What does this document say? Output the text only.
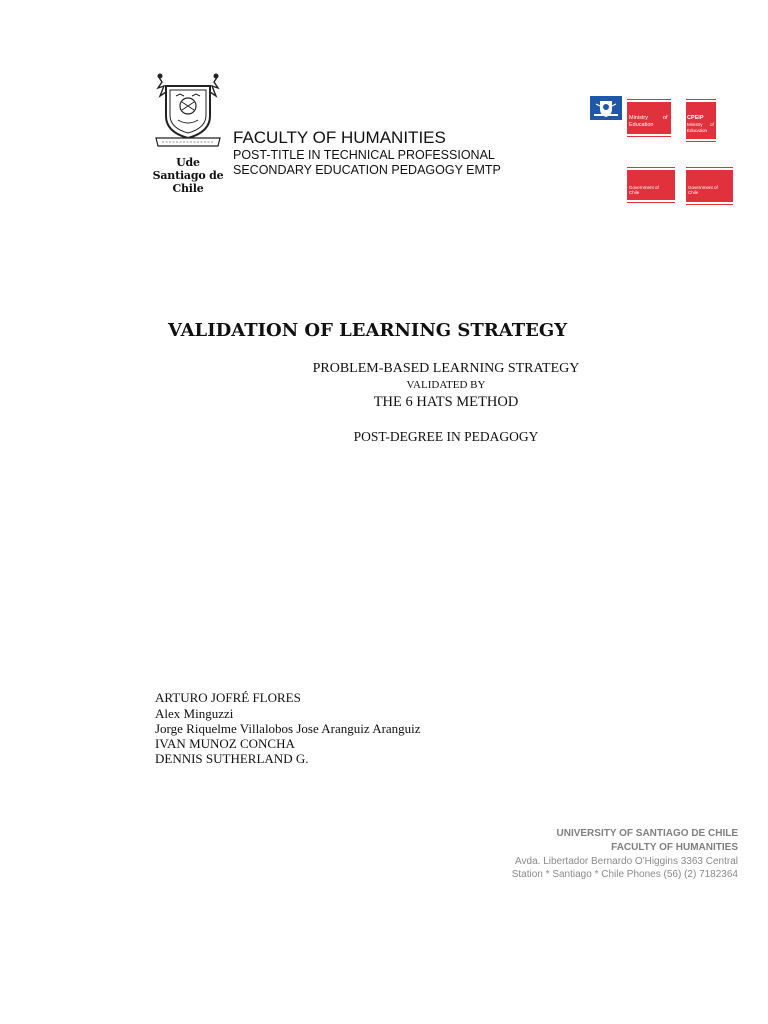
Ude
Santiago de
Chile
FACULTY OF HUMANITIES
POST-TITLE IN TECHNICAL PROFESSIONAL
SECONDARY EDUCATION PEDAGOGY EMTP
Ministry	of
Education
CPEIP
Ministry of
Education
Government of
Chile
Government of
Chile
VALIDATION OF LEARNING STRATEGY
PROBLEM-BASED LEARNING STRATEGY
VALIDATED BY
THE 6 HATS METHOD
POST-DEGREE IN PEDAGOGY
ARTURO JOFRÉ FLORES
Alex Minguzzi
Jorge Riquelme Villalobos Jose Aranguiz Aranguiz
IVAN MUNOZ CONCHA
DENNIS SUTHERLAND G.
UNIVERSITY OF SANTIAGO DE CHILE
FACULTY OF HUMANITIES
Avda. Libertador Bernardo O'Higgins 3363 Central
Station * Santiago * Chile Phones (56) (2) 7182364
